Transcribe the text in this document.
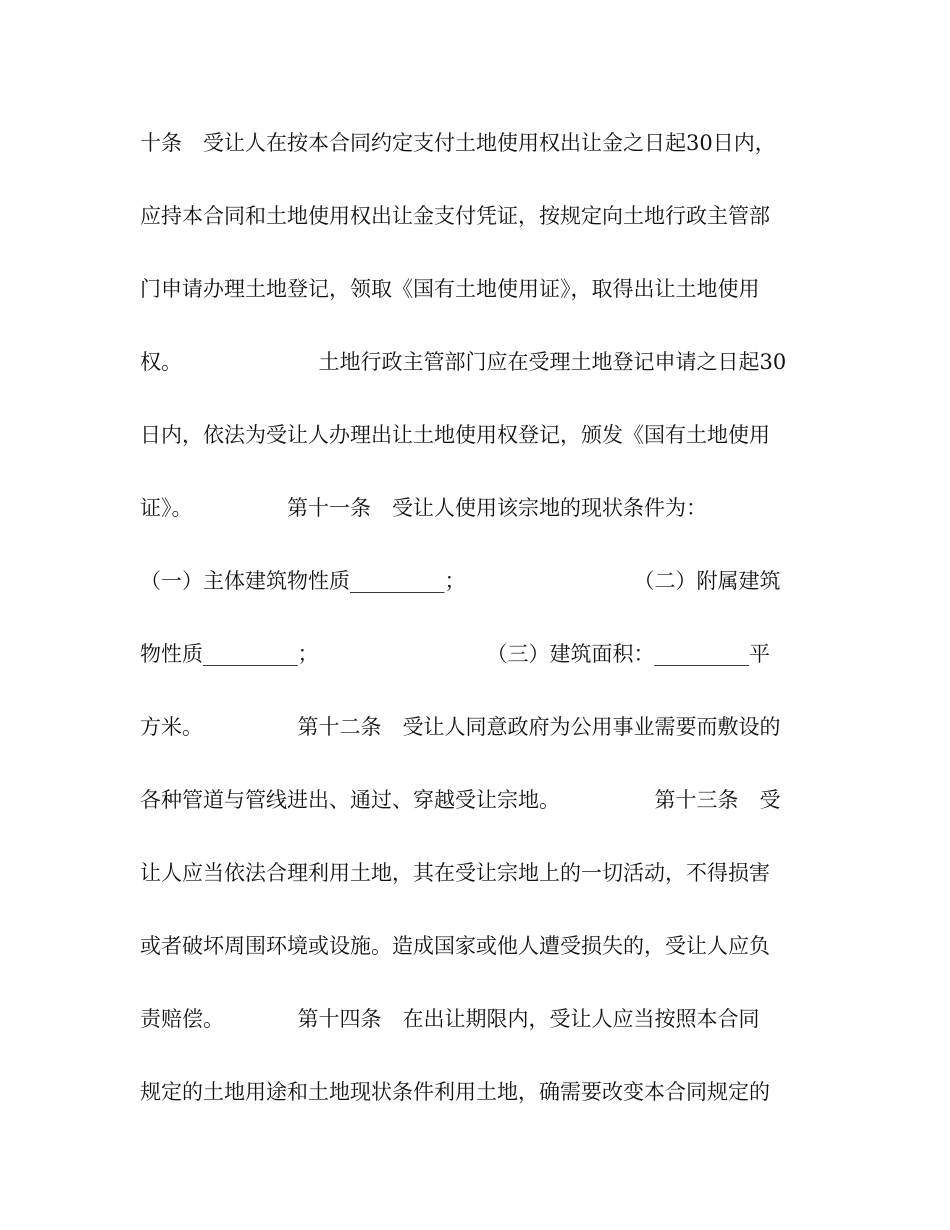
十条　受让人在按本合同约定支付土地使用权出让金之日起30日内，
应持本合同和土地使用权出让金支付凭证，按规定向土地行政主管部
门申请办理土地登记，领取《国有土地使用证》，取得出让土地使用
权。　　　　　　　土地行政主管部门应在受理土地登记申请之日起30
日内，依法为受让人办理出让土地使用权登记，颁发《国有土地使用
证》。　　　　　第十一条　受让人使用该宗地的现状条件为：
（一）主体建筑物性质_________；　　　　　　　　　（二）附属建筑
物性质_________；　　　　　　　　　（三）建筑面积：_________平
方米。　　　　　第十二条　受让人同意政府为公用事业需要而敷设的
各种管道与管线进出、通过、穿越受让宗地。　　　　　第十三条　受
让人应当依法合理利用土地，其在受让宗地上的一切活动，不得损害
或者破坏周围环境或设施。造成国家或他人遭受损失的，受让人应负
责赔偿。　　　　第十四条　在出让期限内，受让人应当按照本合同
规定的土地用途和土地现状条件利用土地，确需要改变本合同规定的
